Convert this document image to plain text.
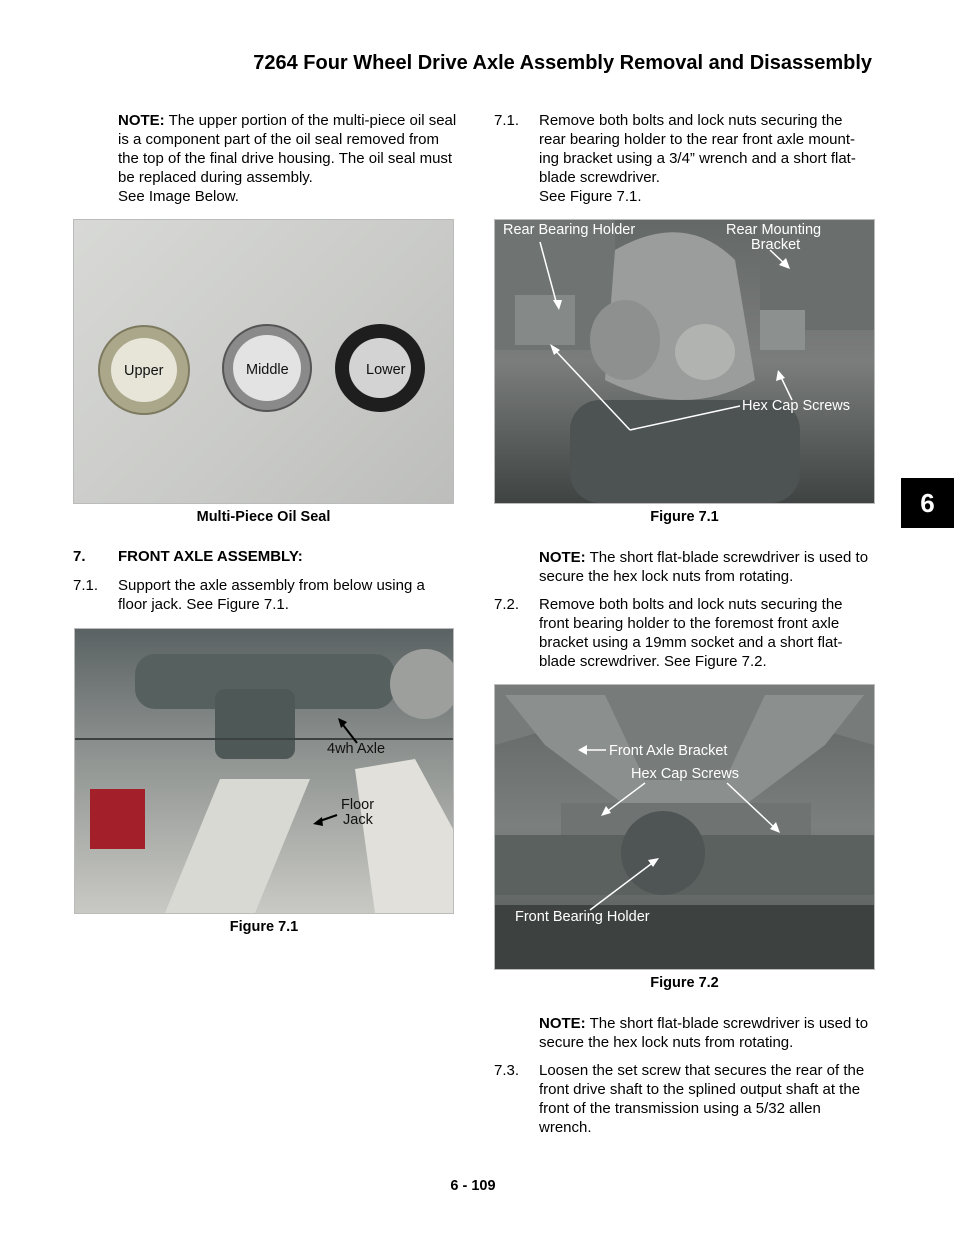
7264 Four Wheel Drive Axle Assembly Removal and Disassembly
NOTE: The upper portion of the multi-piece oil seal is a component part of the oil seal removed from the top of the final drive housing. The oil seal must be replaced during assembly.
See Image Below.
Upper	Middle	Lower
Multi-Piece Oil Seal
7. FRONT AXLE ASSEMBLY:
7.1. Support the axle assembly from below using a floor jack. See Figure 7.1.
4wh Axle
Floor
Jack
Figure 7.1
7.1. Remove both bolts and lock nuts securing the rear bearing holder to the rear front axle mount-ing bracket using a 3/4” wrench and a short flat-blade screwdriver.
See Figure 7.1.
Rear Bearing Holder	Rear Mounting
Bracket
Hex Cap Screws
Figure 7.1
NOTE: The short flat-blade screwdriver is used to secure the hex lock nuts from rotating.
7.2. Remove both bolts and lock nuts securing the front bearing holder to the foremost front axle bracket using a 19mm socket and a short flat-blade screwdriver. See Figure 7.2.
Front Axle Bracket
Hex Cap Screws
Front Bearing Holder
Figure 7.2
NOTE: The short flat-blade screwdriver is used to secure the hex lock nuts from rotating.
7.3. Loosen the set screw that secures the rear of the front drive shaft to the splined output shaft at the front of the transmission using a 5/32 allen wrench.
6
6 - 109
